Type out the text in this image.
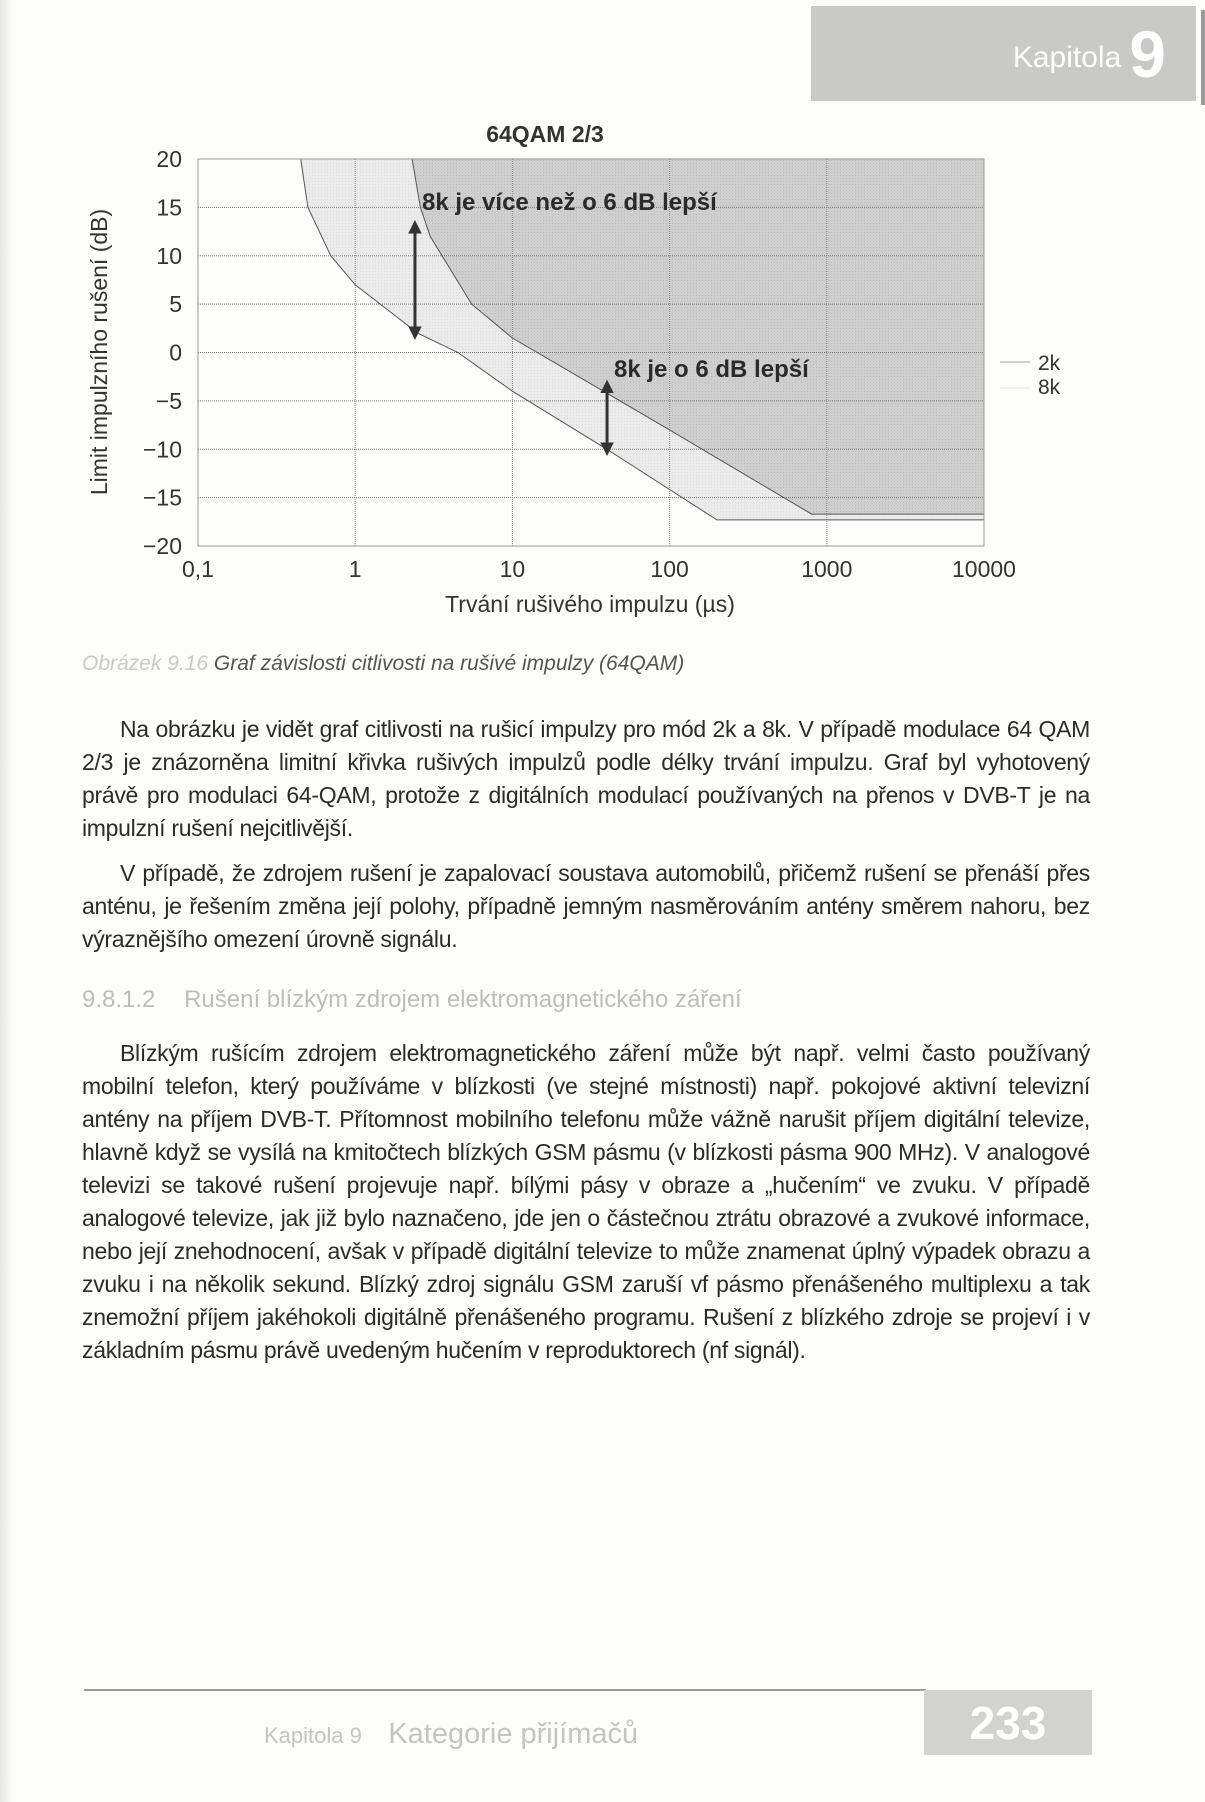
Kapitola 9
64QAM 2/3
20
15
10
5
0
−5
−10
−15
−20
0,1	1	10	100	1000	10000
Trvání rušivého impulzu (µs)
Limit impulzního rušení (dB)
8k je více než o 6 dB lepší
8k je o 6 dB lepší	2k
8k
Obrázek 9.16 Graf závislosti citlivosti na rušivé impulzy (64QAM)
Na obrázku je vidět graf citlivosti na rušicí impulzy pro mód 2k a 8k. V případě modulace 64 QAM 2/3 je znázorněna limitní křivka rušivých impulzů podle délky trvání impulzu. Graf byl vyhotovený právě pro modulaci 64-QAM, protože z digitálních modulací používaných na přenos v DVB-T je na impulzní rušení nejcitlivější.
V případě, že zdrojem rušení je zapalovací soustava automobilů, přičemž rušení se přenáší přes anténu, je řešením změna její polohy, případně jemným nasměrováním antény směrem nahoru, bez výraznějšího omezení úrovně signálu.
9.8.1.2 Rušení blízkým zdrojem elektromagnetického záření
Blízkým rušícím zdrojem elektromagnetického záření může být např. velmi často používaný mobilní telefon, který používáme v blízkosti (ve stejné místnosti) např. pokojové aktivní televizní antény na příjem DVB-T. Přítomnost mobilního telefonu může vážně narušit příjem digitální televize, hlavně když se vysílá na kmitočtech blízkých GSM pásmu (v blízkosti pásma 900 MHz). V analogové televizi se takové rušení projevuje např. bílými pásy v obraze a „hučením“ ve zvuku. V případě analogové televize, jak již bylo naznačeno, jde jen o částečnou ztrátu obrazové a zvukové informace, nebo její znehodnocení, avšak v případě digitální televize to může znamenat úplný výpadek obrazu a zvuku i na několik sekund. Blízký zdroj signálu GSM zaruší vf pásmo přenášeného multiplexu a tak znemožní příjem jakéhokoli digitálně přenášeného programu. Rušení z blízkého zdroje se projeví i v základním pásmu právě uvedeným hučením v reproduktorech (nf signál).
Kapitola 9 Kategorie přijímačů	233
